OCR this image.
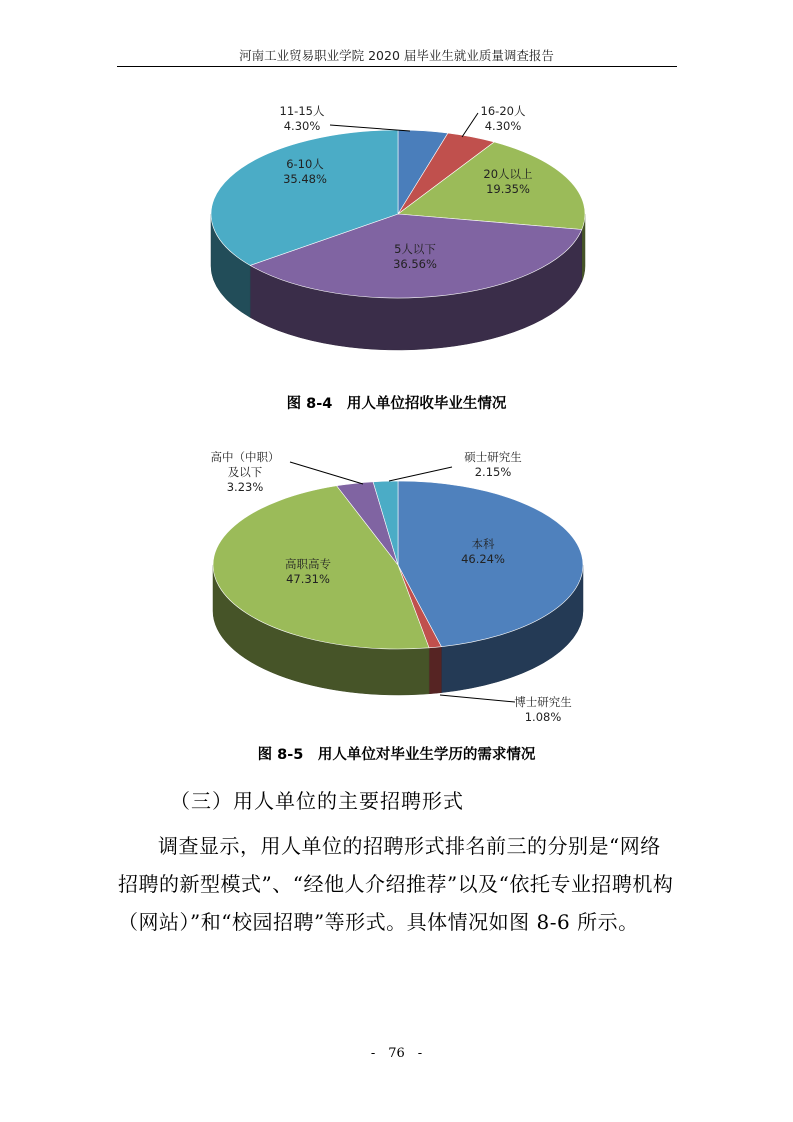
河南工业贸易职业学院 2020 届毕业生就业质量调查报告
11-15人 4.30%
16-20人 4.30%
20人以上 19.35%
5人以下 36.56%
6-10人 35.48%
图 8-4　用人单位招收毕业生情况
本科 46.24%
博士研究生 1.08%
高职高专 47.31%
高中（中职）及以下 3.23%
硕士研究生 2.15%
图 8-5　用人单位对毕业生学历的需求情况
（三）用人单位的主要招聘形式

调查显示，用人单位的招聘形式排名前三的分别是“网络招聘的新型模式”、“经他人介绍推荐”以及“依托专业招聘机构（网站）”和“校园招聘”等形式。具体情况如图 8-6 所示。

-　76　-
